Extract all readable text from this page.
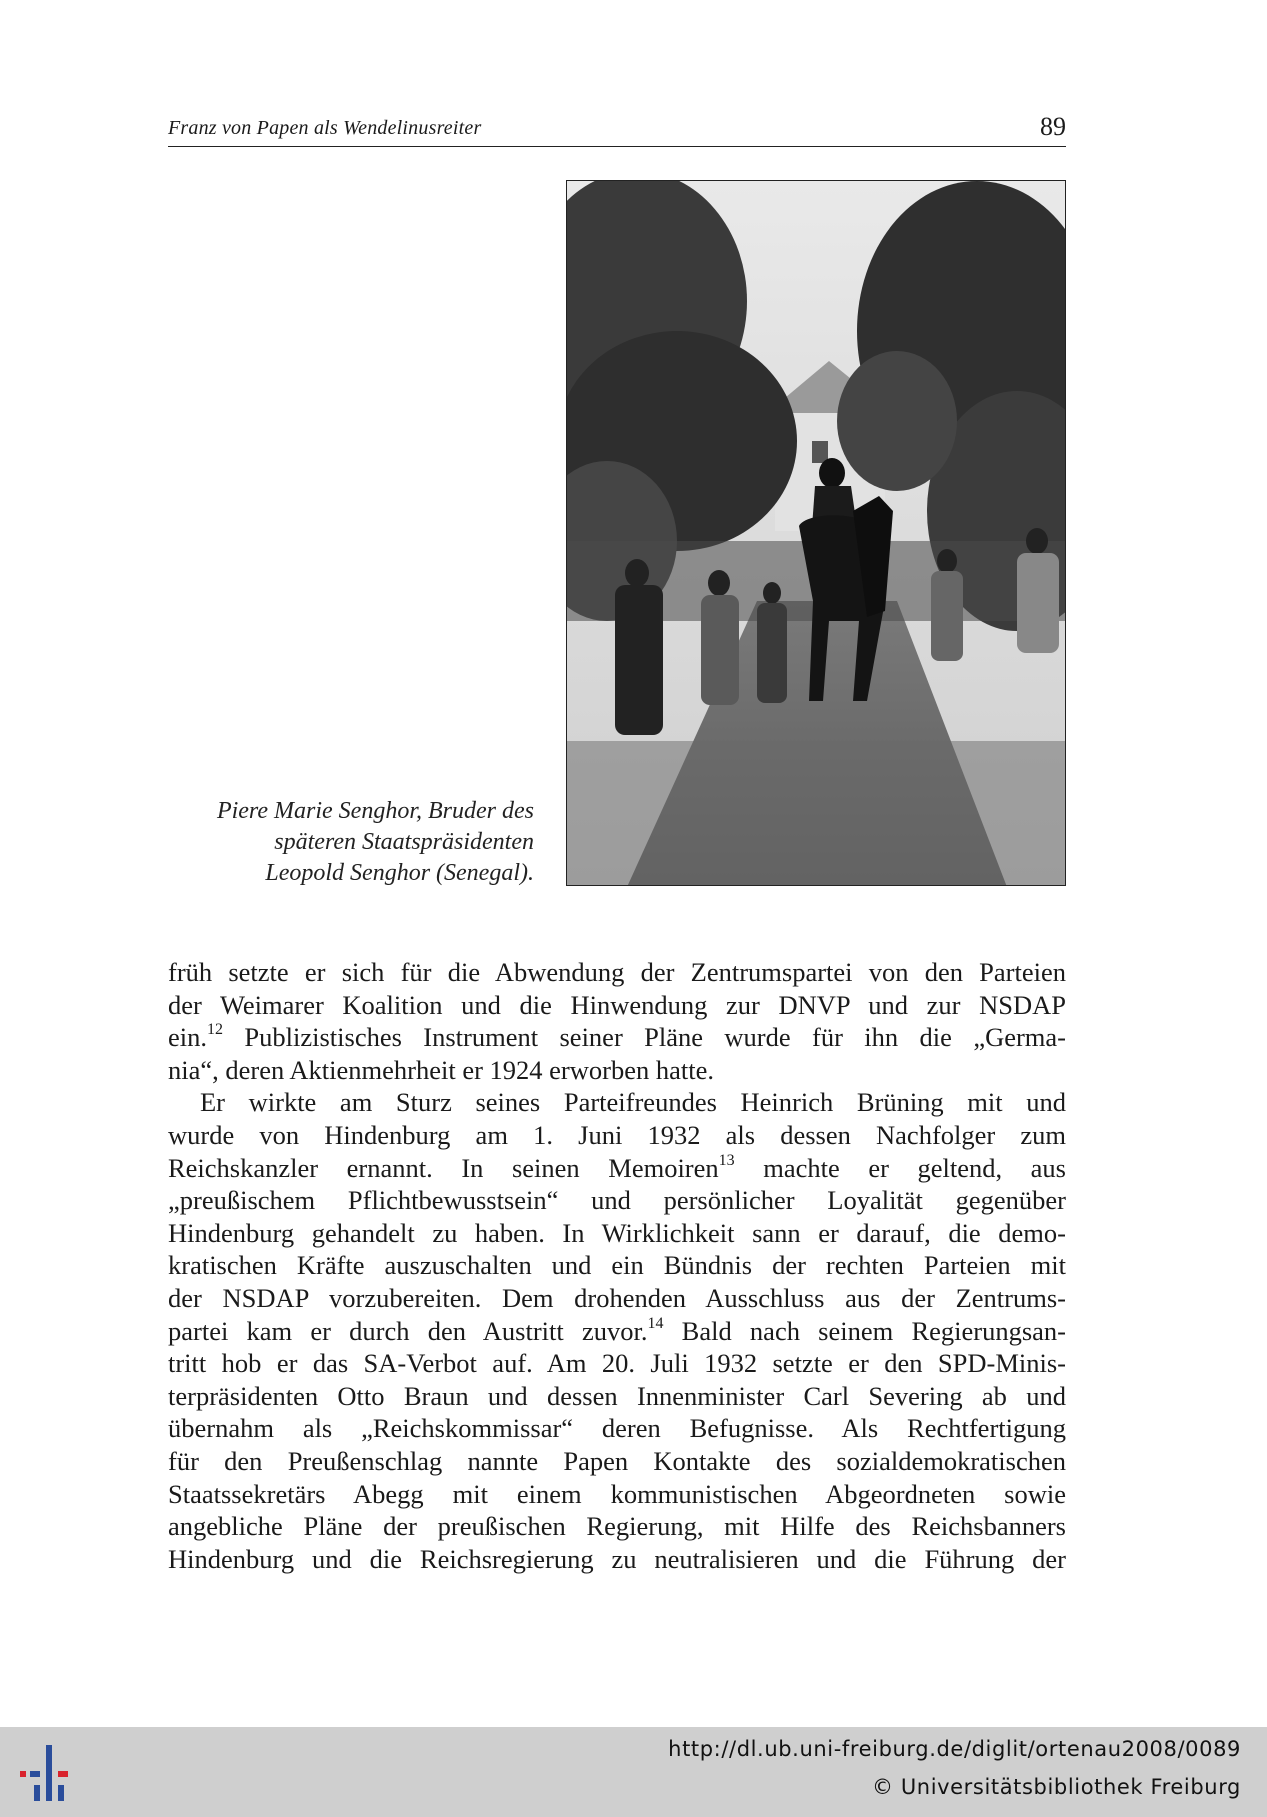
Franz von Papen als Wendelinusreiter	89
Piere Marie Senghor, Bruder des
späteren Staatspräsidenten
Leopold Senghor (Senegal).
früh setzte er sich für die Abwendung der Zentrumspartei von den Parteien
der Weimarer Koalition und die Hinwendung zur DNVP und zur NSDAP
ein.$^{12}$ Publizistisches Instrument seiner Pläne wurde für ihn die „Germa-
nia“, deren Aktienmehrheit er 1924 erworben hatte.
Er wirkte am Sturz seines Parteifreundes Heinrich Brüning mit und
wurde von Hindenburg am 1. Juni 1932 als dessen Nachfolger zum
Reichskanzler ernannt. In seinen Memoiren$^{13}$ machte er geltend, aus
„preußischem Pflichtbewusstsein“ und persönlicher Loyalität gegenüber
Hindenburg gehandelt zu haben. In Wirklichkeit sann er darauf, die demo-
kratischen Kräfte auszuschalten und ein Bündnis der rechten Parteien mit
der NSDAP vorzubereiten. Dem drohenden Ausschluss aus der Zentrums-
partei kam er durch den Austritt zuvor.$^{14}$ Bald nach seinem Regierungsan-
tritt hob er das SA-Verbot auf. Am 20. Juli 1932 setzte er den SPD-Minis-
terpräsidenten Otto Braun und dessen Innenminister Carl Severing ab und
übernahm als „Reichskommissar“ deren Befugnisse. Als Rechtfertigung
für den Preußenschlag nannte Papen Kontakte des sozialdemokratischen
Staatssekretärs Abegg mit einem kommunistischen Abgeordneten sowie
angebliche Pläne der preußischen Regierung, mit Hilfe des Reichsbanners
Hindenburg und die Reichsregierung zu neutralisieren und die Führung der
http://dl.ub.uni-freiburg.de/diglit/ortenau2008/0089
© Universitätsbibliothek Freiburg
